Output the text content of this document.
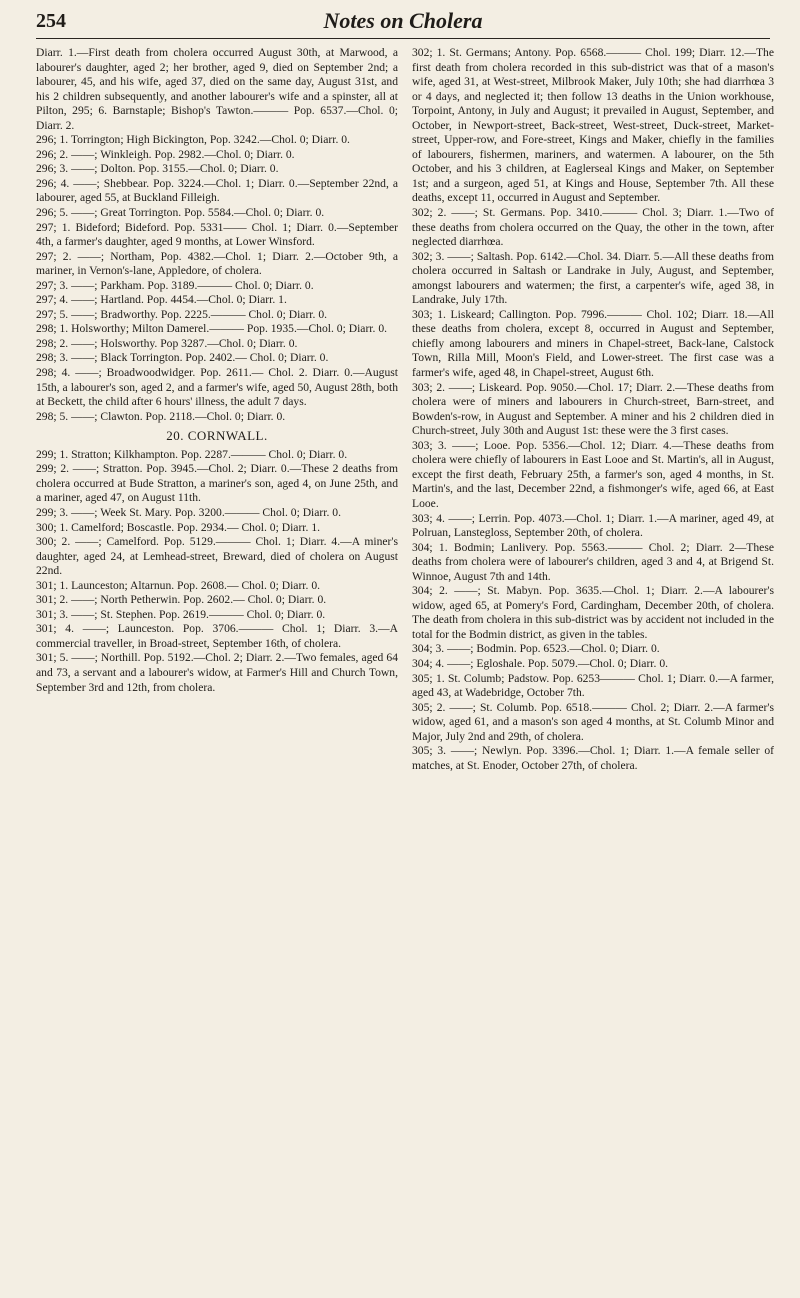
254	Notes on Cholera

Diarr. 1.—First death from cholera occurred August 30th, at Marwood, a labourer's daughter, aged 2; her brother, aged 9, died on September 2nd; a labourer, 45, and his wife, aged 37, died on the same day, August 31st, and his 2 children subsequently, and another labourer's wife and a spinster, all at Pilton, 295; 6. Barnstaple; Bishop's Tawton.——— Pop. 6537.—Chol. 0; Diarr. 2.

296; 1. Torrington; High Bickington, Pop. 3242.—Chol. 0; Diarr. 0.

296; 2. ——; Winkleigh. Pop. 2982.—Chol. 0; Diarr. 0.

296; 3. ——; Dolton. Pop. 3155.—Chol. 0; Diarr. 0.

296; 4. ——; Shebbear. Pop. 3224.—Chol. 1; Diarr. 0.—September 22nd, a labourer, aged 55, at Buckland Filleigh.

296; 5. ——; Great Torrington. Pop. 5584.—Chol. 0; Diarr. 0.

297; 1. Bideford; Bideford. Pop. 5331—— Chol. 1; Diarr. 0.—September 4th, a farmer's daughter, aged 9 months, at Lower Winsford.

297; 2. ——; Northam, Pop. 4382.—Chol. 1; Diarr. 2.—October 9th, a mariner, in Vernon's-lane, Appledore, of cholera.

297; 3. ——; Parkham. Pop. 3189.——— Chol. 0; Diarr. 0.

297; 4. ——; Hartland. Pop. 4454.—Chol. 0; Diarr. 1.

297; 5. ——; Bradworthy. Pop. 2225.——— Chol. 0; Diarr. 0.

298; 1. Holsworthy; Milton Damerel.——— Pop. 1935.—Chol. 0; Diarr. 0.

298; 2. ——; Holsworthy. Pop 3287.—Chol. 0; Diarr. 0.

298; 3. ——; Black Torrington. Pop. 2402.— Chol. 0; Diarr. 0.

298; 4. ——; Broadwoodwidger. Pop. 2611.— Chol. 2. Diarr. 0.—August 15th, a labourer's son, aged 2, and a farmer's wife, aged 50, August 28th, both at Beckett, the child after 6 hours' illness, the adult 7 days.

298; 5. ——; Clawton. Pop. 2118.—Chol. 0; Diarr. 0.

20. CORNWALL.

299; 1. Stratton; Kilkhampton. Pop. 2287.——— Chol. 0; Diarr. 0.

299; 2. ——; Stratton. Pop. 3945.—Chol. 2; Diarr. 0.—These 2 deaths from cholera occurred at Bude Stratton, a mariner's son, aged 4, on June 25th, and a mariner, aged 47, on August 11th.

299; 3. ——; Week St. Mary. Pop. 3200.——— Chol. 0; Diarr. 0.

300; 1. Camelford; Boscastle. Pop. 2934.— Chol. 0; Diarr. 1.

300; 2. ——; Camelford. Pop. 5129.——— Chol. 1; Diarr. 4.—A miner's daughter, aged 24, at Lemhead-street, Breward, died of cholera on August 22nd.

301; 1. Launceston; Altarnun. Pop. 2608.— Chol. 0; Diarr. 0.

301; 2. ——; North Petherwin. Pop. 2602.— Chol. 0; Diarr. 0.

301; 3. ——; St. Stephen. Pop. 2619.——— Chol. 0; Diarr. 0.

301; 4. ——; Launceston. Pop. 3706.——— Chol. 1; Diarr. 3.—A commercial traveller, in Broad-street, September 16th, of cholera.

301; 5. ——; Northill. Pop. 5192.—Chol. 2; Diarr. 2.—Two females, aged 64 and 73, a servant and a labourer's widow, at Farmer's Hill and Church Town, September 3rd and 12th, from cholera.

302; 1. St. Germans; Antony. Pop. 6568.——— Chol. 199; Diarr. 12.—The first death from cholera recorded in this sub-district was that of a mason's wife, aged 31, at West-street, Milbrook Maker, July 10th; she had diarrhœa 3 or 4 days, and neglected it; then follow 13 deaths in the Union workhouse, Torpoint, Antony, in July and August; it prevailed in August, September, and October, in Newport-street, Back-street, West-street, Duck-street, Market-street, Upper-row, and Fore-street, Kings and Maker, chiefly in the families of labourers, fishermen, mariners, and watermen. A labourer, on the 5th October, and his 3 children, at Eaglerseal Kings and Maker, on September 1st; and a surgeon, aged 51, at Kings and House, September 7th. All these deaths, except 11, occurred in August and September.

302; 2. ——; St. Germans. Pop. 3410.——— Chol. 3; Diarr. 1.—Two of these deaths from cholera occurred on the Quay, the other in the town, after neglected diarrhœa.

302; 3. ——; Saltash. Pop. 6142.—Chol. 34. Diarr. 5.—All these deaths from cholera occurred in Saltash or Landrake in July, August, and September, amongst labourers and watermen; the first, a carpenter's wife, aged 38, in Landrake, July 17th.

303; 1. Liskeard; Callington. Pop. 7996.——— Chol. 102; Diarr. 18.—All these deaths from cholera, except 8, occurred in August and September, chiefly among labourers and miners in Chapel-street, Back-lane, Calstock Town, Rilla Mill, Moon's Field, and Lower-street. The first case was a farmer's wife, aged 48, in Chapel-street, August 6th.

303; 2. ——; Liskeard. Pop. 9050.—Chol. 17; Diarr. 2.—These deaths from cholera were of miners and labourers in Church-street, Barn-street, and Bowden's-row, in August and September. A miner and his 2 children died in Church-street, July 30th and August 1st: these were the 3 first cases.

303; 3. ——; Looe. Pop. 5356.—Chol. 12; Diarr. 4.—These deaths from cholera were chiefly of labourers in East Looe and St. Martin's, all in August, except the first death, February 25th, a farmer's son, aged 4 months, in St. Martin's, and the last, December 22nd, a fishmonger's wife, aged 66, at East Looe.

303; 4. ——; Lerrin. Pop. 4073.—Chol. 1; Diarr. 1.—A mariner, aged 49, at Polruan, Lanstegloss, September 20th, of cholera.

304; 1. Bodmin; Lanlivery. Pop. 5563.——— Chol. 2; Diarr. 2—These deaths from cholera were of labourer's children, aged 3 and 4, at Brigend St. Winnoe, August 7th and 14th.

304; 2. ——; St. Mabyn. Pop. 3635.—Chol. 1; Diarr. 2.—A labourer's widow, aged 65, at Pomery's Ford, Cardingham, December 20th, of cholera. The death from cholera in this sub-district was by accident not included in the total for the Bodmin district, as given in the tables.

304; 3. ——; Bodmin. Pop. 6523.—Chol. 0; Diarr. 0.

304; 4. ——; Egloshale. Pop. 5079.—Chol. 0; Diarr. 0.

305; 1. St. Columb; Padstow. Pop. 6253——— Chol. 1; Diarr. 0.—A farmer, aged 43, at Wadebridge, October 7th.

305; 2. ——; St. Columb. Pop. 6518.——— Chol. 2; Diarr. 2.—A farmer's widow, aged 61, and a mason's son aged 4 months, at St. Columb Minor and Major, July 2nd and 29th, of cholera.

305; 3. ——; Newlyn. Pop. 3396.—Chol. 1; Diarr. 1.—A female seller of matches, at St. Enoder, October 27th, of cholera.
